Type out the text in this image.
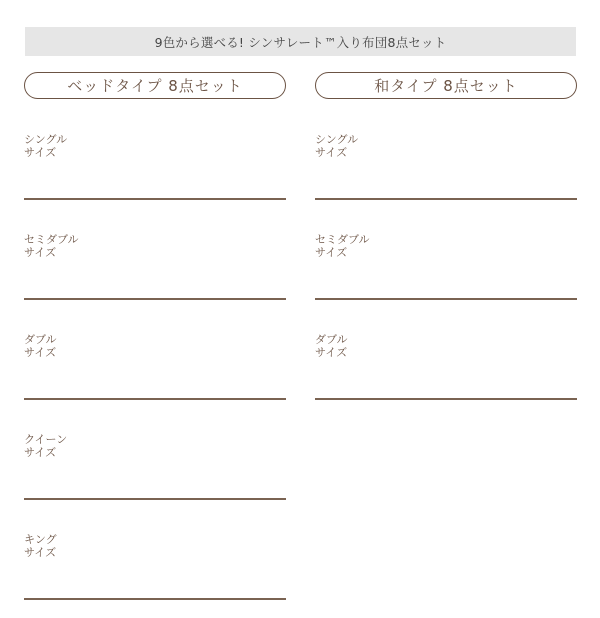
9色から選べる! シンサレート™入り布団8点セット
ベッドタイプ 8点セット
シングル
サイズ
セミダブル
サイズ
ダブル
サイズ
クイーン
サイズ
キング
サイズ
和タイプ 8点セット
シングル
サイズ
セミダブル
サイズ
ダブル
サイズ
